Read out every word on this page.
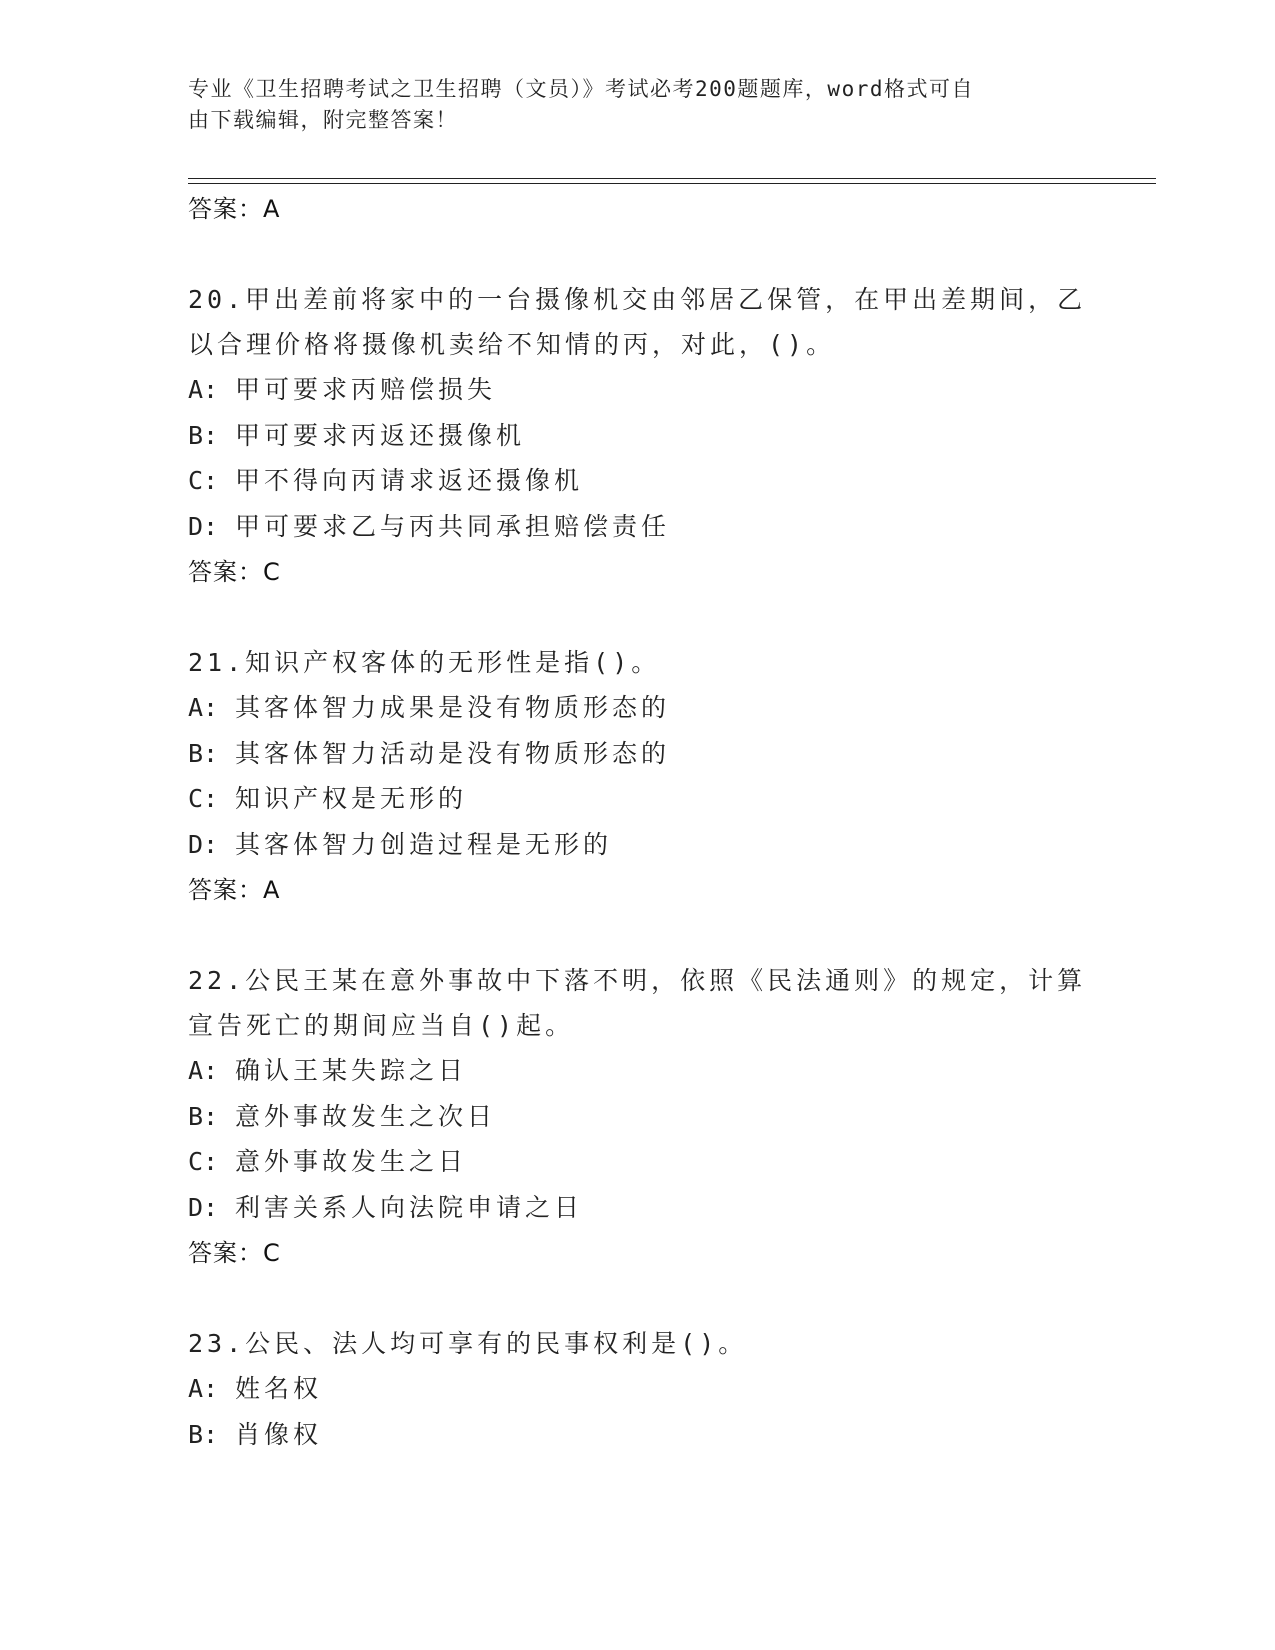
专业《卫生招聘考试之卫生招聘（文员）》考试必考200题题库，word格式可自
由下载编辑，附完整答案！
答案：A
20.甲出差前将家中的一台摄像机交由邻居乙保管，在甲出差期间，乙
以合理价格将摄像机卖给不知情的丙，对此，()。
A: 甲可要求丙赔偿损失
B: 甲可要求丙返还摄像机
C: 甲不得向丙请求返还摄像机
D: 甲可要求乙与丙共同承担赔偿责任
答案：C
21.知识产权客体的无形性是指()。
A: 其客体智力成果是没有物质形态的
B: 其客体智力活动是没有物质形态的
C: 知识产权是无形的
D: 其客体智力创造过程是无形的
答案：A
22.公民王某在意外事故中下落不明，依照《民法通则》的规定，计算
宣告死亡的期间应当自()起。
A: 确认王某失踪之日
B: 意外事故发生之次日
C: 意外事故发生之日
D: 利害关系人向法院申请之日
答案：C
23.公民、法人均可享有的民事权利是()。
A: 姓名权
B: 肖像权
